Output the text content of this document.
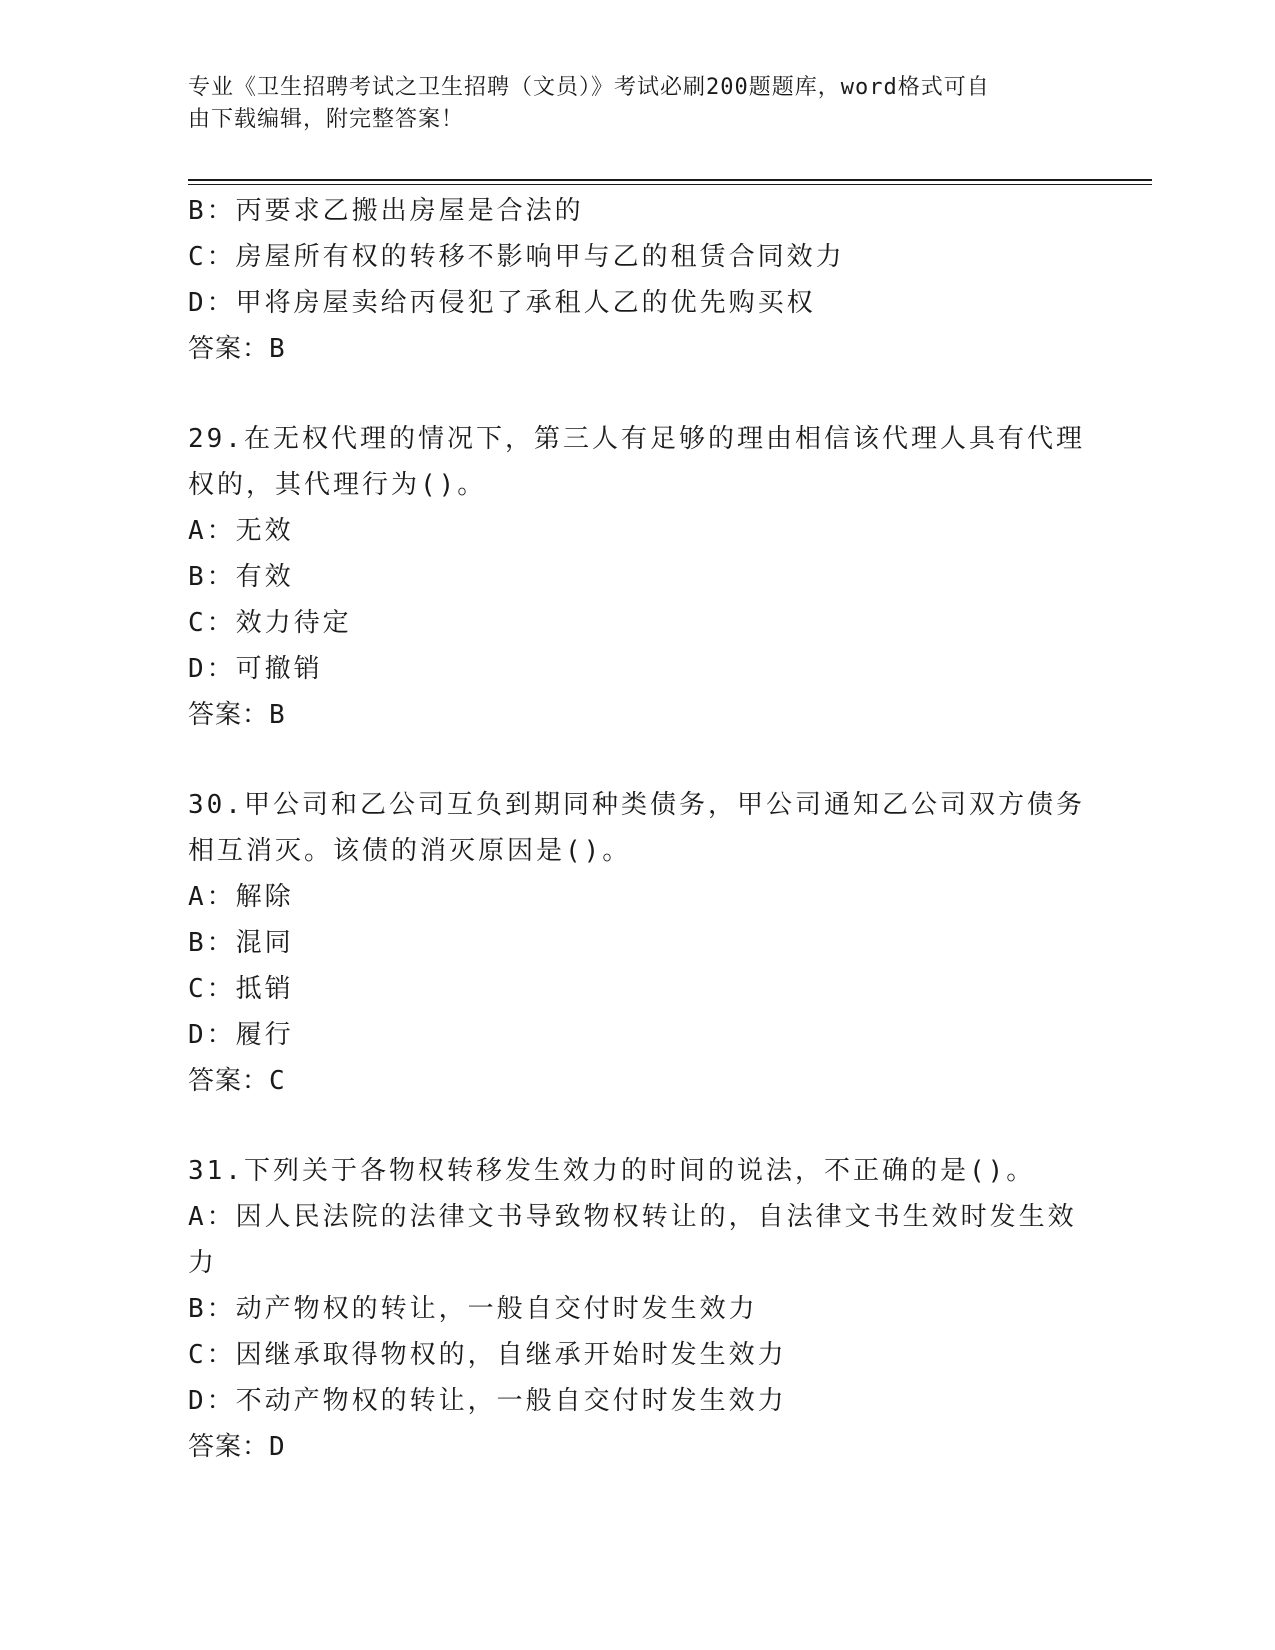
专业《卫生招聘考试之卫生招聘（文员）》考试必刷200题题库，word格式可自
由下载编辑，附完整答案！
B：丙要求乙搬出房屋是合法的
C：房屋所有权的转移不影响甲与乙的租赁合同效力
D：甲将房屋卖给丙侵犯了承租人乙的优先购买权
答案：B
29.在无权代理的情况下，第三人有足够的理由相信该代理人具有代理
权的，其代理行为()。
A：无效
B：有效
C：效力待定
D：可撤销
答案：B
30.甲公司和乙公司互负到期同种类债务，甲公司通知乙公司双方债务
相互消灭。该债的消灭原因是()。
A：解除
B：混同
C：抵销
D：履行
答案：C
31.下列关于各物权转移发生效力的时间的说法，不正确的是()。
A：因人民法院的法律文书导致物权转让的，自法律文书生效时发生效
力
B：动产物权的转让，一般自交付时发生效力
C：因继承取得物权的，自继承开始时发生效力
D：不动产物权的转让，一般自交付时发生效力
答案：D
